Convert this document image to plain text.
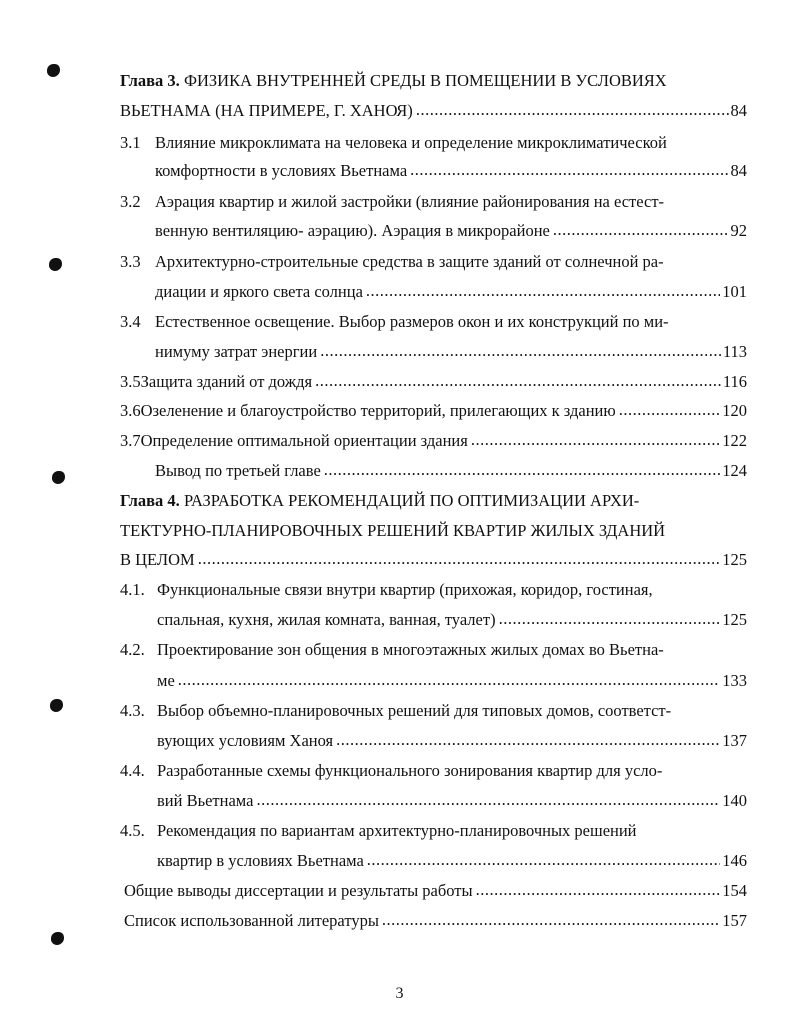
Глава 3. ФИЗИКА ВНУТРЕННЕЙ СРЕДЫ В ПОМЕЩЕНИИ В УСЛОВИЯХ
ВЬЕТНАМА (НА ПРИМЕРЕ, Г. ХАНОЯ) .....	84
3.1 Влияние микроклимата на человека и определение микроклиматической
комфортности в условиях Вьетнама .....	84
3.2 Аэрация квартир и жилой застройки (влияние районирования на естест-
венную вентиляцию- аэрацию). Аэрация в микрорайоне .....	92
3.3 Архитектурно-строительные средства в защите зданий от солнечной ра-
диации и яркого света солнца .....	101
3.4 Естественное освещение. Выбор размеров окон и их конструкций по ми-
нимуму затрат энергии .....	113
3.5 Защита зданий от дождя .....	116
3.6 Озеленение и благоустройство территорий, прилегающих к зданию .....	120
3.7 Определение оптимальной ориентации здания .....	122
Вывод по третьей главе .....	124
Глава 4. РАЗРАБОТКА РЕКОМЕНДАЦИЙ ПО ОПТИМИЗАЦИИ АРХИ-
ТЕКТУРНО-ПЛАНИРОВОЧНЫХ РЕШЕНИЙ КВАРТИР ЖИЛЫХ ЗДАНИЙ
В ЦЕЛОМ .....	125
4.1. Функциональные связи внутри квартир (прихожая, коридор, гостиная,
спальная, кухня, жилая комната, ванная, туалет) .....	125
4.2. Проектирование зон общения в многоэтажных жилых домах во Вьетна-
ме .....	133
4.3. Выбор объемно-планировочных решений для типовых домов, соответст-
вующих условиям Ханоя .....	137
4.4. Разработанные схемы функционального зонирования квартир для усло-
вий Вьетнама .....	140
4.5. Рекомендация по вариантам архитектурно-планировочных решений
квартир в условиях Вьетнама .....	146
Общие выводы диссертации и результаты работы .....	154
Список использованной литературы .....	157
3
